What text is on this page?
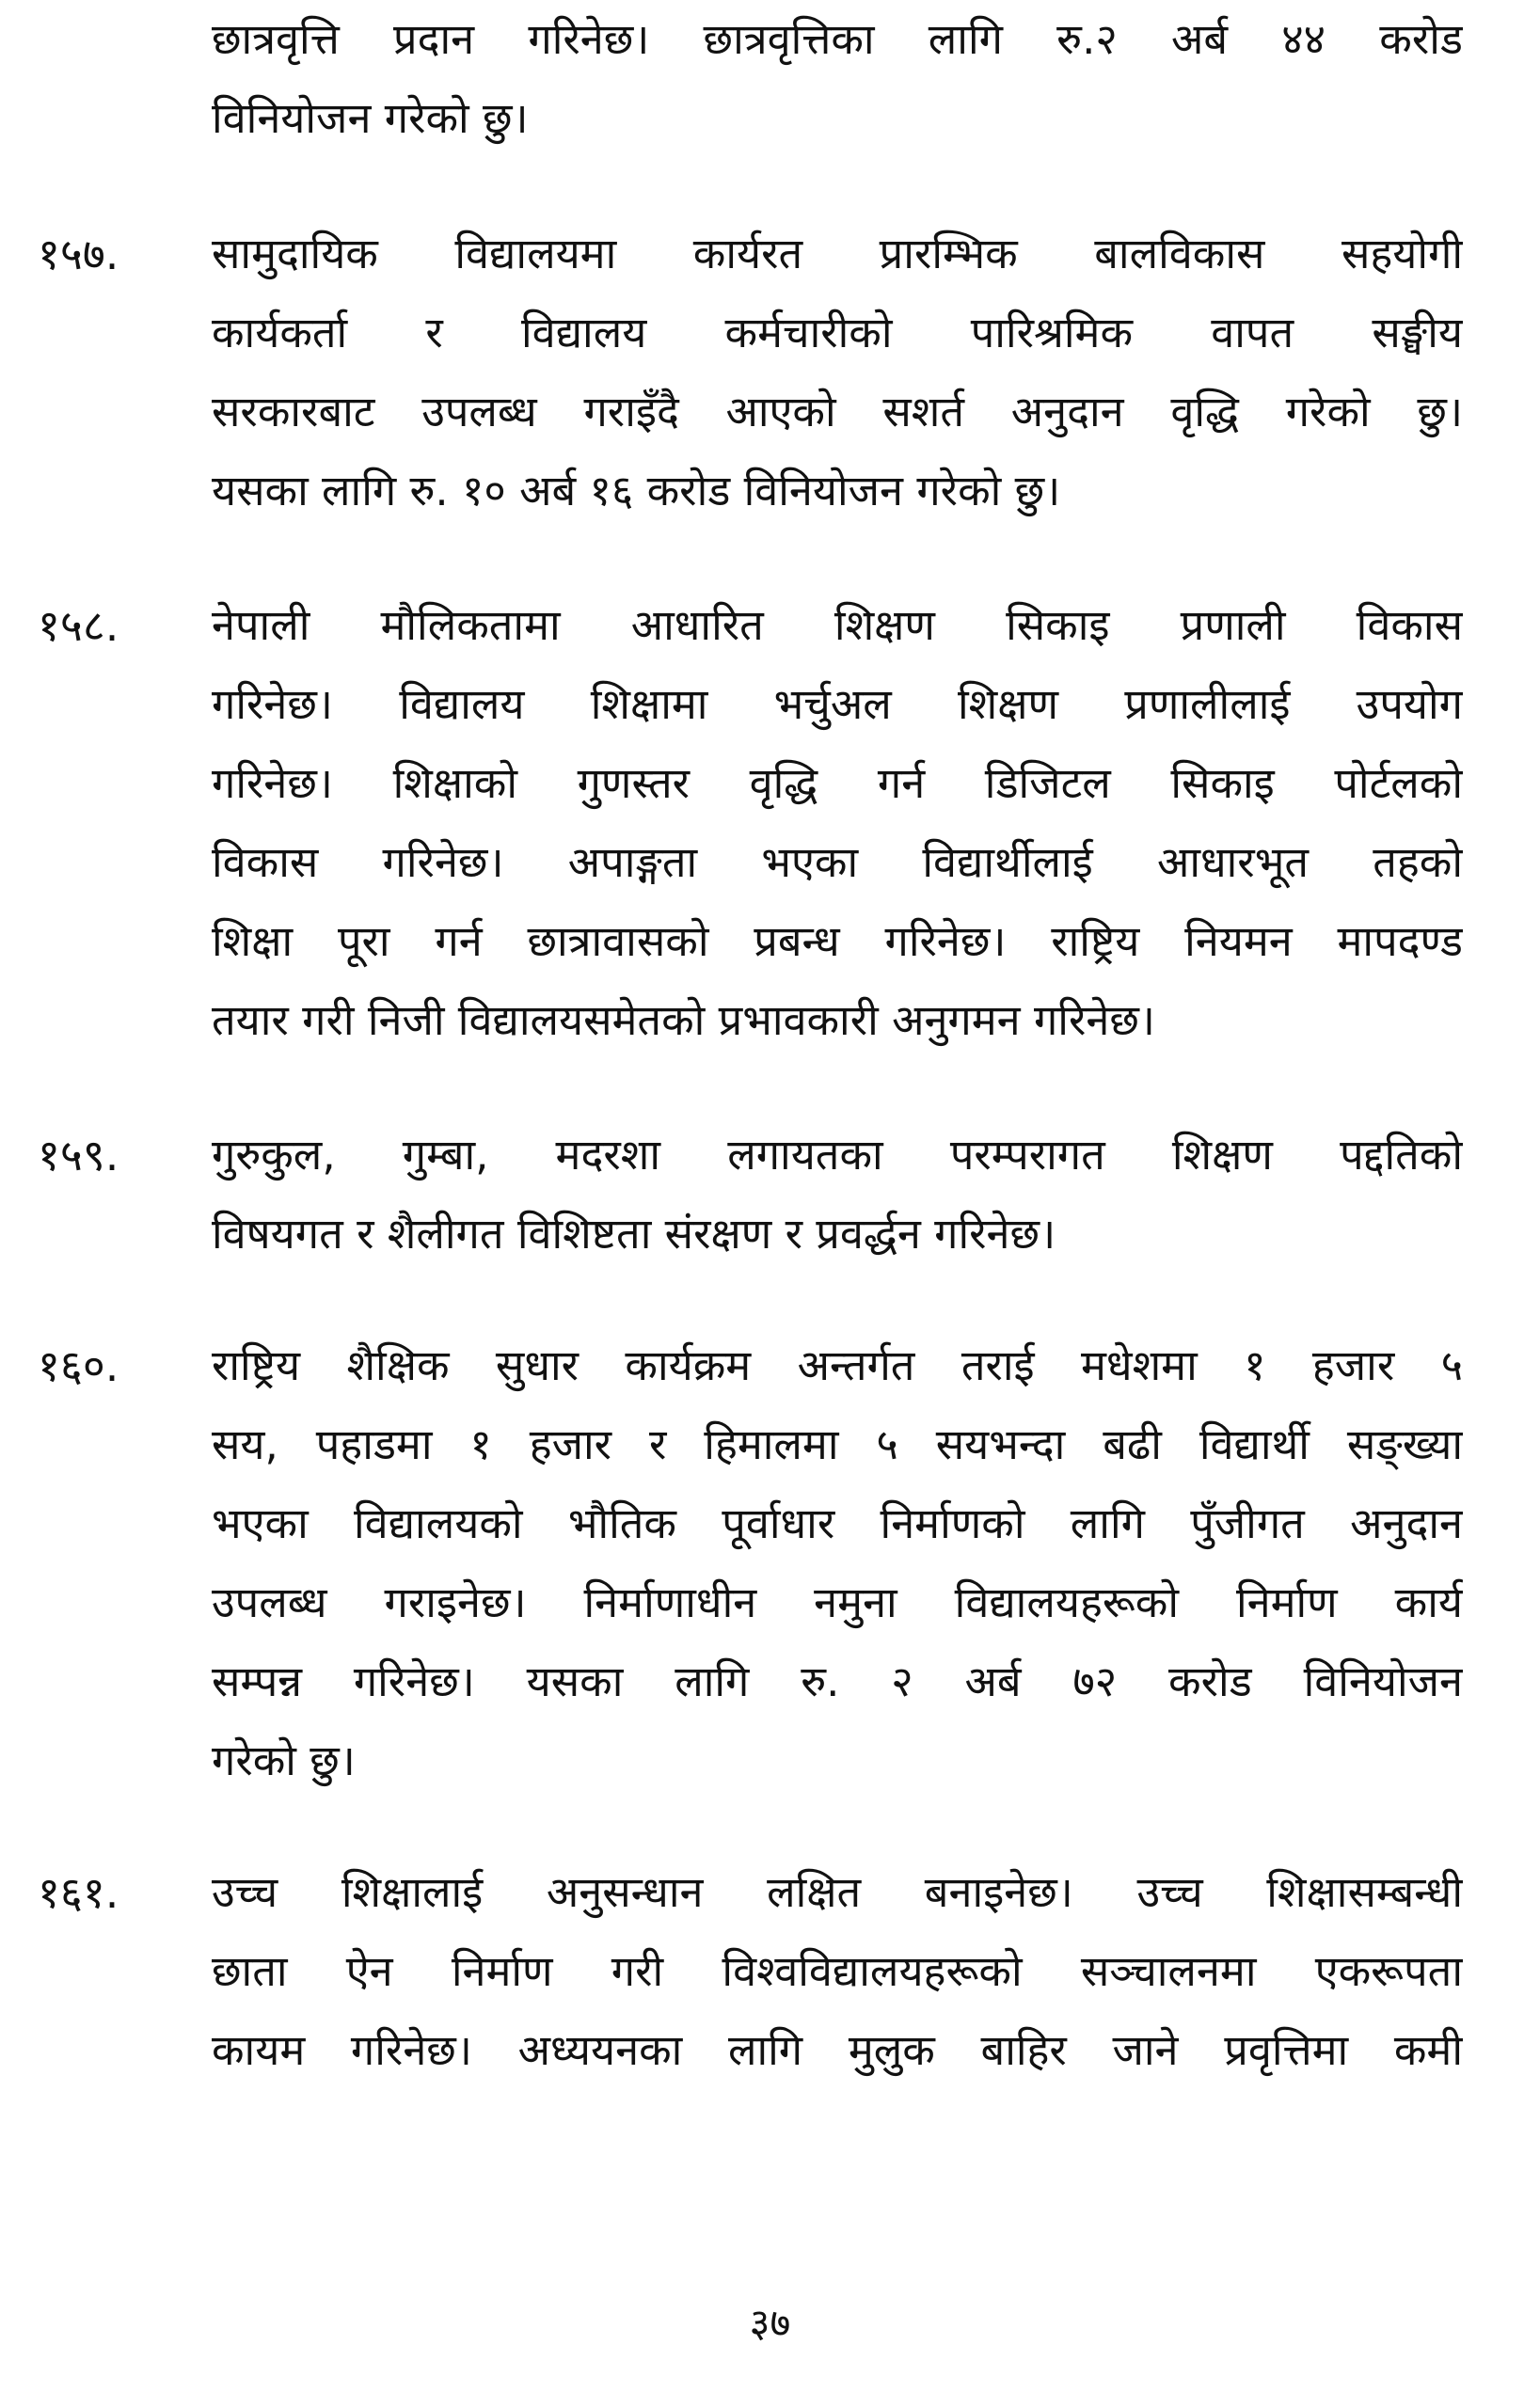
छात्रवृत्ति प्रदान गरिनेछ। छात्रवृत्तिका लागि रु.२ अर्ब ४४ करोड
विनियोजन गरेको छु।
१५७. सामुदायिक विद्यालयमा कार्यरत प्रारम्भिक बालविकास सहयोगी
कार्यकर्ता र विद्यालय कर्मचारीको पारिश्रमिक वापत सङ्घीय
सरकारबाट उपलब्ध गराइँदै आएको सशर्त अनुदान वृद्धि गरेको छु।
यसका लागि रु. १० अर्ब १६ करोड विनियोजन गरेको छु।
१५८. नेपाली मौलिकतामा आधारित शिक्षण सिकाइ प्रणाली विकास
गरिनेछ। विद्यालय शिक्षामा भर्चुअल शिक्षण प्रणालीलाई उपयोग
गरिनेछ। शिक्षाको गुणस्तर वृद्धि गर्न डिजिटल सिकाइ पोर्टलको
विकास गरिनेछ। अपाङ्गता भएका विद्यार्थीलाई आधारभूत तहको
शिक्षा पूरा गर्न छात्रावासको प्रबन्ध गरिनेछ। राष्ट्रिय नियमन मापदण्ड
तयार गरी निजी विद्यालयसमेतको प्रभावकारी अनुगमन गरिनेछ।
१५९. गुरुकुल, गुम्बा, मदरशा लगायतका परम्परागत शिक्षण पद्दतिको
विषयगत र शैलीगत विशिष्टता संरक्षण र प्रवर्द्धन गरिनेछ।
१६०. राष्ट्रिय शैक्षिक सुधार कार्यक्रम अन्तर्गत तराई मधेशमा १ हजार ५
सय, पहाडमा १ हजार र हिमालमा ५ सयभन्दा बढी विद्यार्थी सङ्ख्या
भएका विद्यालयको भौतिक पूर्वाधार निर्माणको लागि पुँजीगत अनुदान
उपलब्ध गराइनेछ। निर्माणाधीन नमुना विद्यालयहरूको निर्माण कार्य
सम्पन्न गरिनेछ। यसका लागि रु. २ अर्ब ७२ करोड विनियोजन
गरेको छु।
१६१. उच्च शिक्षालाई अनुसन्धान लक्षित बनाइनेछ। उच्च शिक्षासम्बन्धी
छाता ऐन निर्माण गरी विश्वविद्यालयहरूको सञ्चालनमा एकरूपता
कायम गरिनेछ। अध्ययनका लागि मुलुक बाहिर जाने प्रवृत्तिमा कमी
३७
